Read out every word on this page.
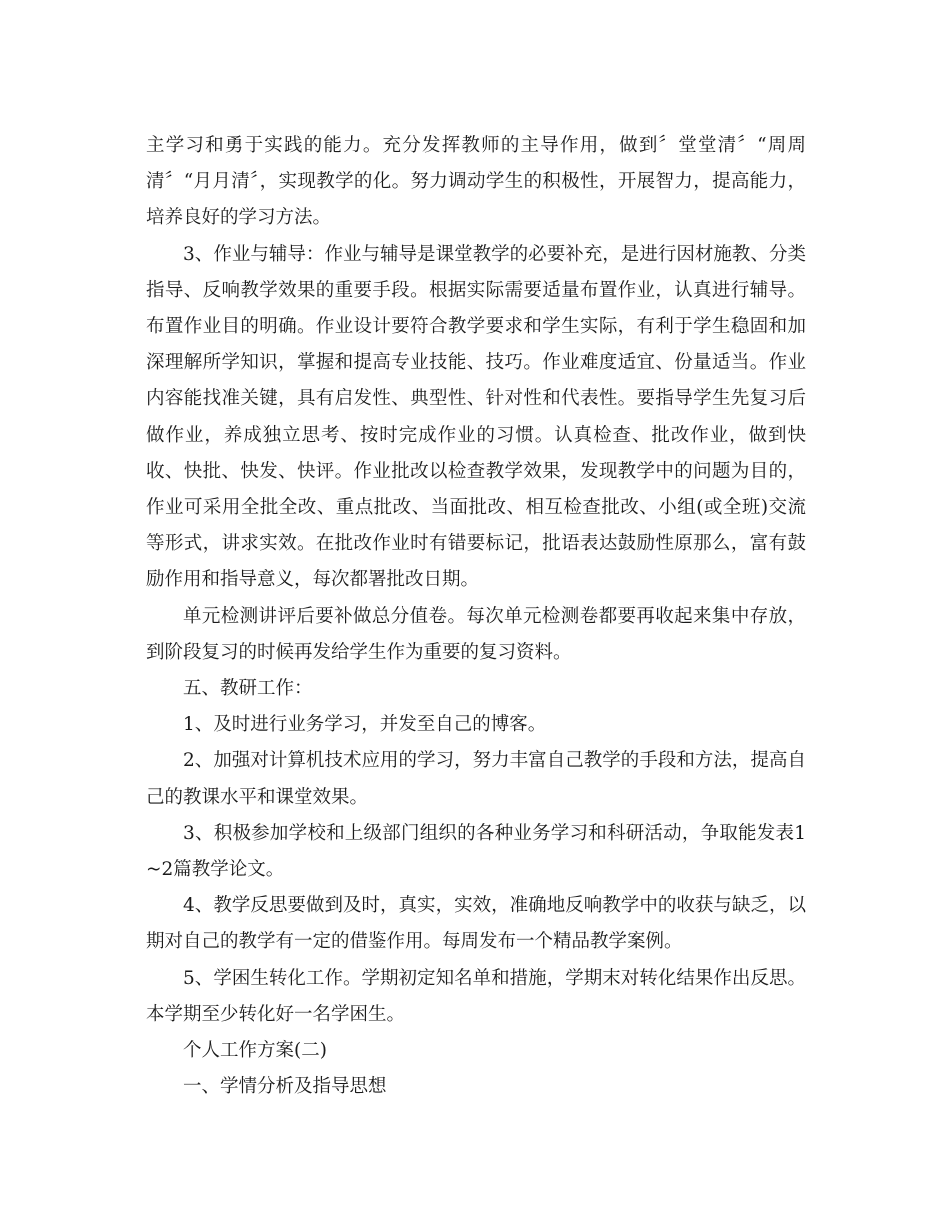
主学习和勇于实践的能力。充分发挥教师的主导作用，做到〞堂堂清〞“周周清〞“月月清〞，实现教学的化。努力调动学生的积极性，开展智力，提高能力，培养良好的学习方法。

3、作业与辅导：作业与辅导是课堂教学的必要补充，是进行因材施教、分类指导、反响教学效果的重要手段。根据实际需要适量布置作业，认真进行辅导。布置作业目的明确。作业设计要符合教学要求和学生实际，有利于学生稳固和加深理解所学知识，掌握和提高专业技能、技巧。作业难度适宜、份量适当。作业内容能找准关键，具有启发性、典型性、针对性和代表性。要指导学生先复习后做作业，养成独立思考、按时完成作业的习惯。认真检查、批改作业，做到快收、快批、快发、快评。作业批改以检查教学效果，发现教学中的问题为目的，作业可采用全批全改、重点批改、当面批改、相互检查批改、小组(或全班)交流等形式，讲求实效。在批改作业时有错要标记，批语表达鼓励性原那么，富有鼓励作用和指导意义，每次都署批改日期。

单元检测讲评后要补做总分值卷。每次单元检测卷都要再收起来集中存放，到阶段复习的时候再发给学生作为重要的复习资料。

五、教研工作：

1、及时进行业务学习，并发至自己的博客。

2、加强对计算机技术应用的学习，努力丰富自己教学的手段和方法，提高自己的教课水平和课堂效果。

3、积极参加学校和上级部门组织的各种业务学习和科研活动，争取能发表1~2篇教学论文。

4、教学反思要做到及时，真实，实效，准确地反响教学中的收获与缺乏，以期对自己的教学有一定的借鉴作用。每周发布一个精品教学案例。

5、学困生转化工作。学期初定知名单和措施，学期末对转化结果作出反思。本学期至少转化好一名学困生。

个人工作方案(二)

一、学情分析及指导思想
